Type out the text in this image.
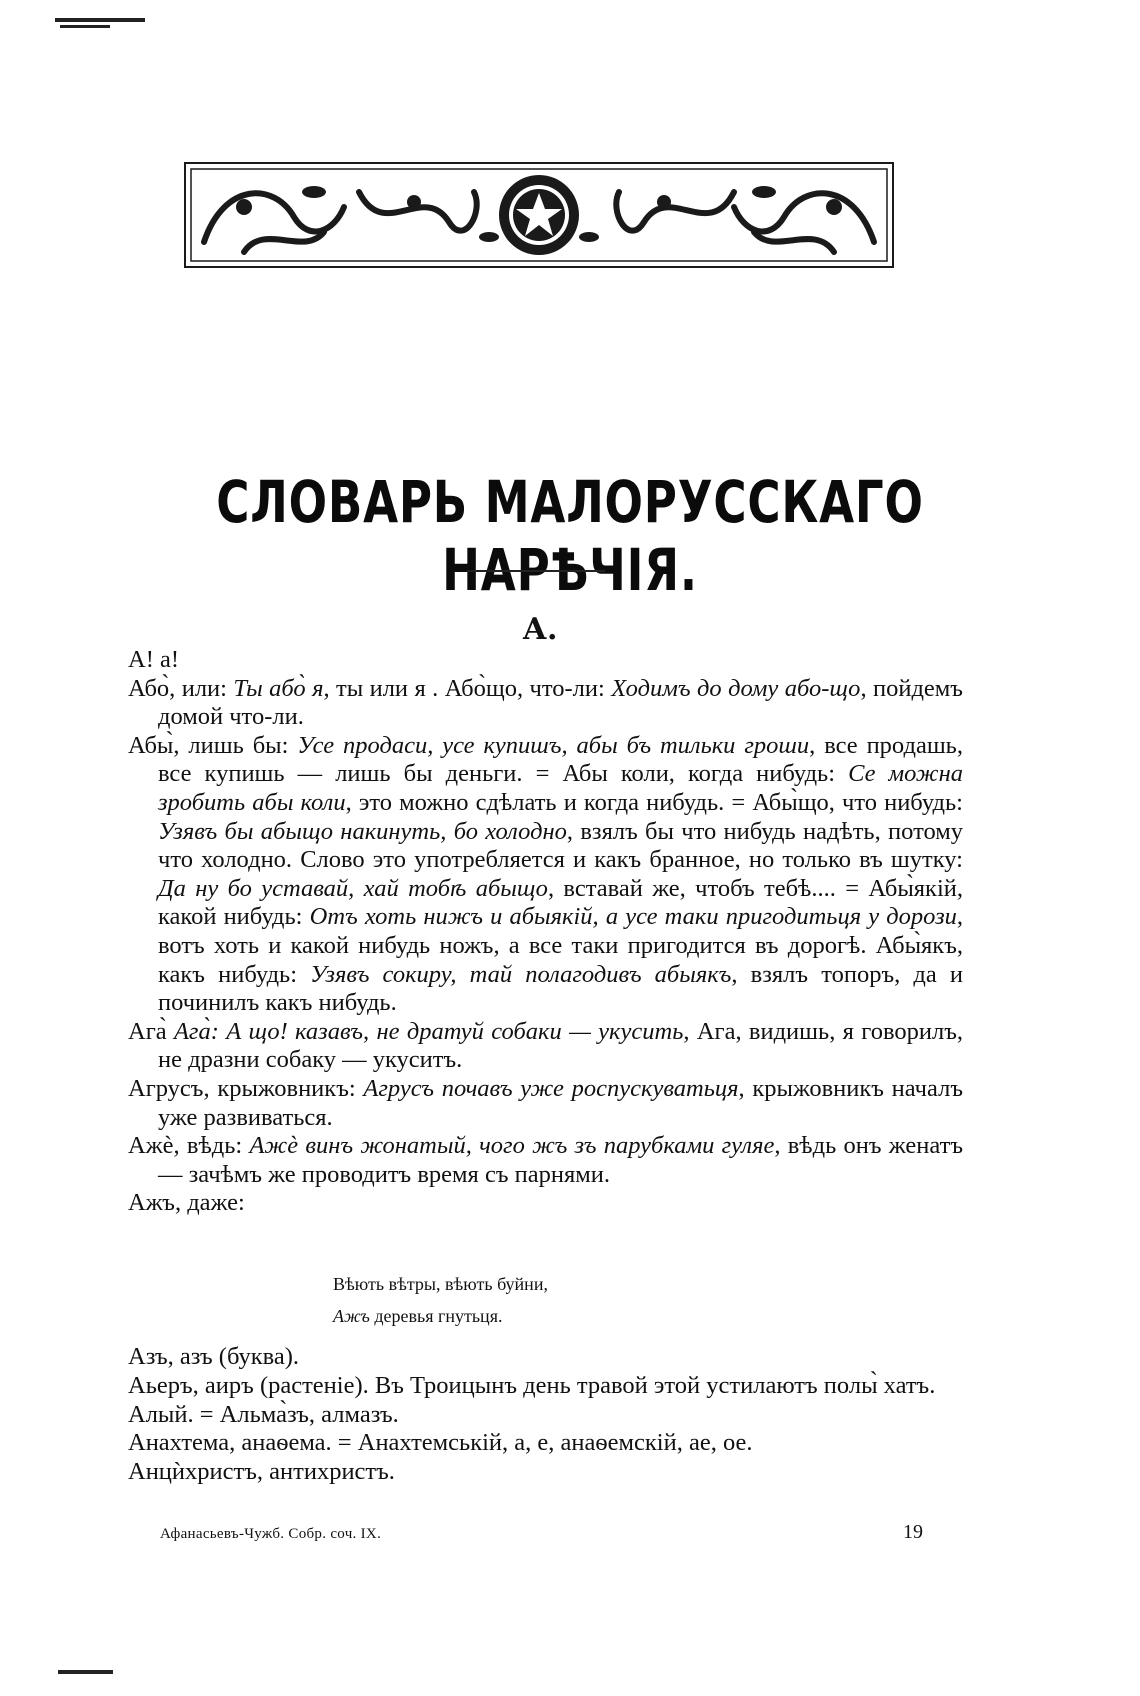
СЛОВАРЬ МАЛОРУССКАГО НАРѢЧІЯ.
А.

А! а!

Або̀, или: Ты або̀ я, ты или я . Або̀що, что-ли: Ходимъ до дому або-що, пойдемъ домой что-ли.

Абы̀, лишь бы: Усе продаси, усе купишъ, абы бъ тильки гроши, все продашь, все купишь — лишь бы деньги. = Абы коли, когда нибудь: Се можна зробить абы коли, это можно сдѣлать и когда нибудь. = Абы̀що, что нибудь: Узявъ бы абыщо накинуть, бо холодно, взялъ бы что нибудь надѣть, потому что холодно. Слово это употребляется и какъ бранное, но только въ шутку: Да ну бо уставай, хай тобѣ абыщо, вставай же, чтобъ тебѣ.... = Абы̀якій, какой нибудь: Отъ хоть нижъ и абыякій, а усе таки пригодитьця у дорози, вотъ хоть и какой нибудь ножъ, а все таки пригодится въ дорогѣ. Абы̀якъ, какъ нибудь: Узявъ сокиру, тай полагодивъ абыякъ, взялъ топоръ, да и починилъ какъ нибудь.

Ага̀ Ага̀: А що! казавъ, не дратуй собаки — укусить, Ага, видишь, я говорилъ, не дразни собаку — укуситъ.

Агрусъ, крыжовникъ: Агрусъ почавъ уже роспускуватьця, крыжовникъ началъ уже развиваться.

Ажѐ, вѣдь: Ажѐ винъ жонатый, чого жъ зъ парубками гуляе, вѣдь онъ женатъ — зачѣмъ же проводитъ время съ парнями.

Ажъ, даже:

Вѣють вѣтры, вѣють буйни,
Ажъ деревья гнутьця.

Азъ, азъ (буква).

Аьеръ, аиръ (растеніе). Въ Троицынъ день травой этой устилаютъ полы̀ хатъ.

Алый. = Альма̀зъ, алмазъ.

Анахтема, анаѳема. = Анахтемській, а, е, анаѳемскій, ае, ое.

Анцѝхристъ, антихристъ.

Афанасьевъ-Чужб. Собр. соч. IX.	19
